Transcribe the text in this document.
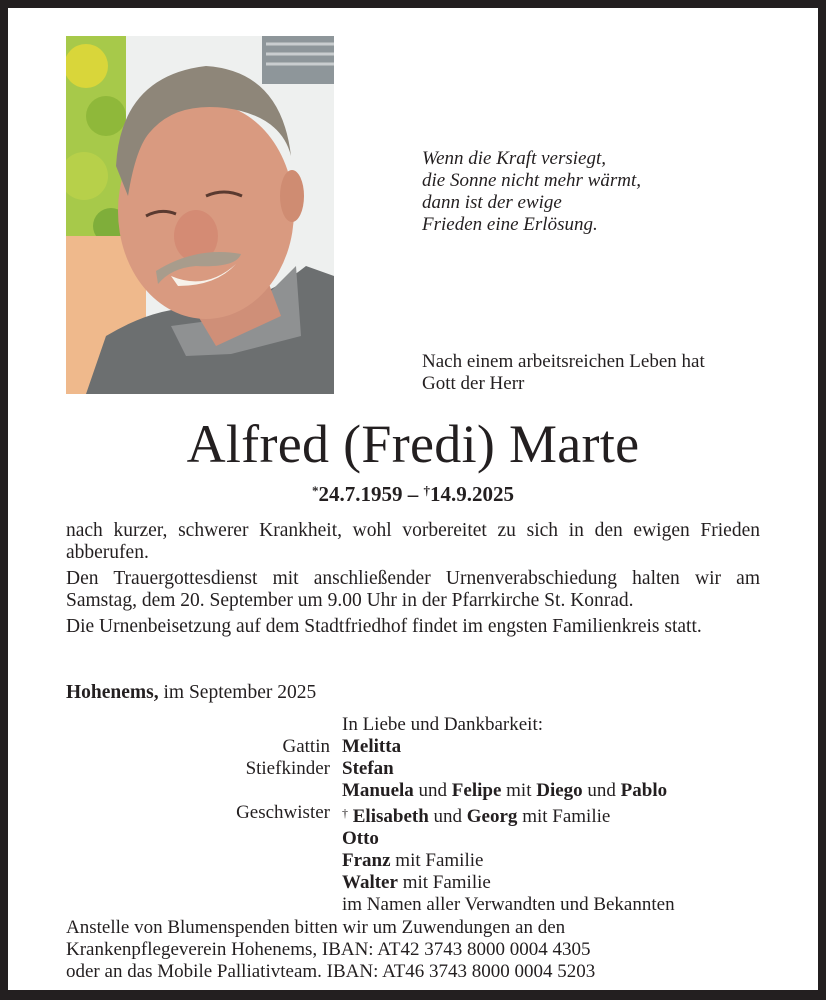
Wenn die Kraft versiegt,
die Sonne nicht mehr wärmt,
dann ist der ewige
Frieden eine Erlösung.
Nach einem arbeitsreichen Leben hat
Gott der Herr
Alfred (Fredi) Marte
*24.7.1959 – †14.9.2025

nach kurzer, schwerer Krankheit, wohl vorbereitet zu sich in den ewigen Frieden abberufen.

Den Trauergottesdienst mit anschließender Urnenverabschiedung halten wir am Samstag, dem 20. September um 9.00 Uhr in der Pfarrkirche St. Konrad.

Die Urnenbeisetzung auf dem Stadtfriedhof findet im engsten Familienkreis statt.

Hohenems, im September 2025
In Liebe und Dankbarkeit:
Gattin Melitta
Stiefkinder Stefan
Manuela und Felipe mit Diego und Pablo
Geschwister	† Elisabeth und Georg mit Familie
Otto
Franz mit Familie
Walter mit Familie
im Namen aller Verwandten und Bekannten
Anstelle von Blumenspenden bitten wir um Zuwendungen an den
Krankenpflegeverein Hohenems, IBAN: AT42 3743 8000 0004 4305
oder an das Mobile Palliativteam. IBAN: AT46 3743 8000 0004 5203
